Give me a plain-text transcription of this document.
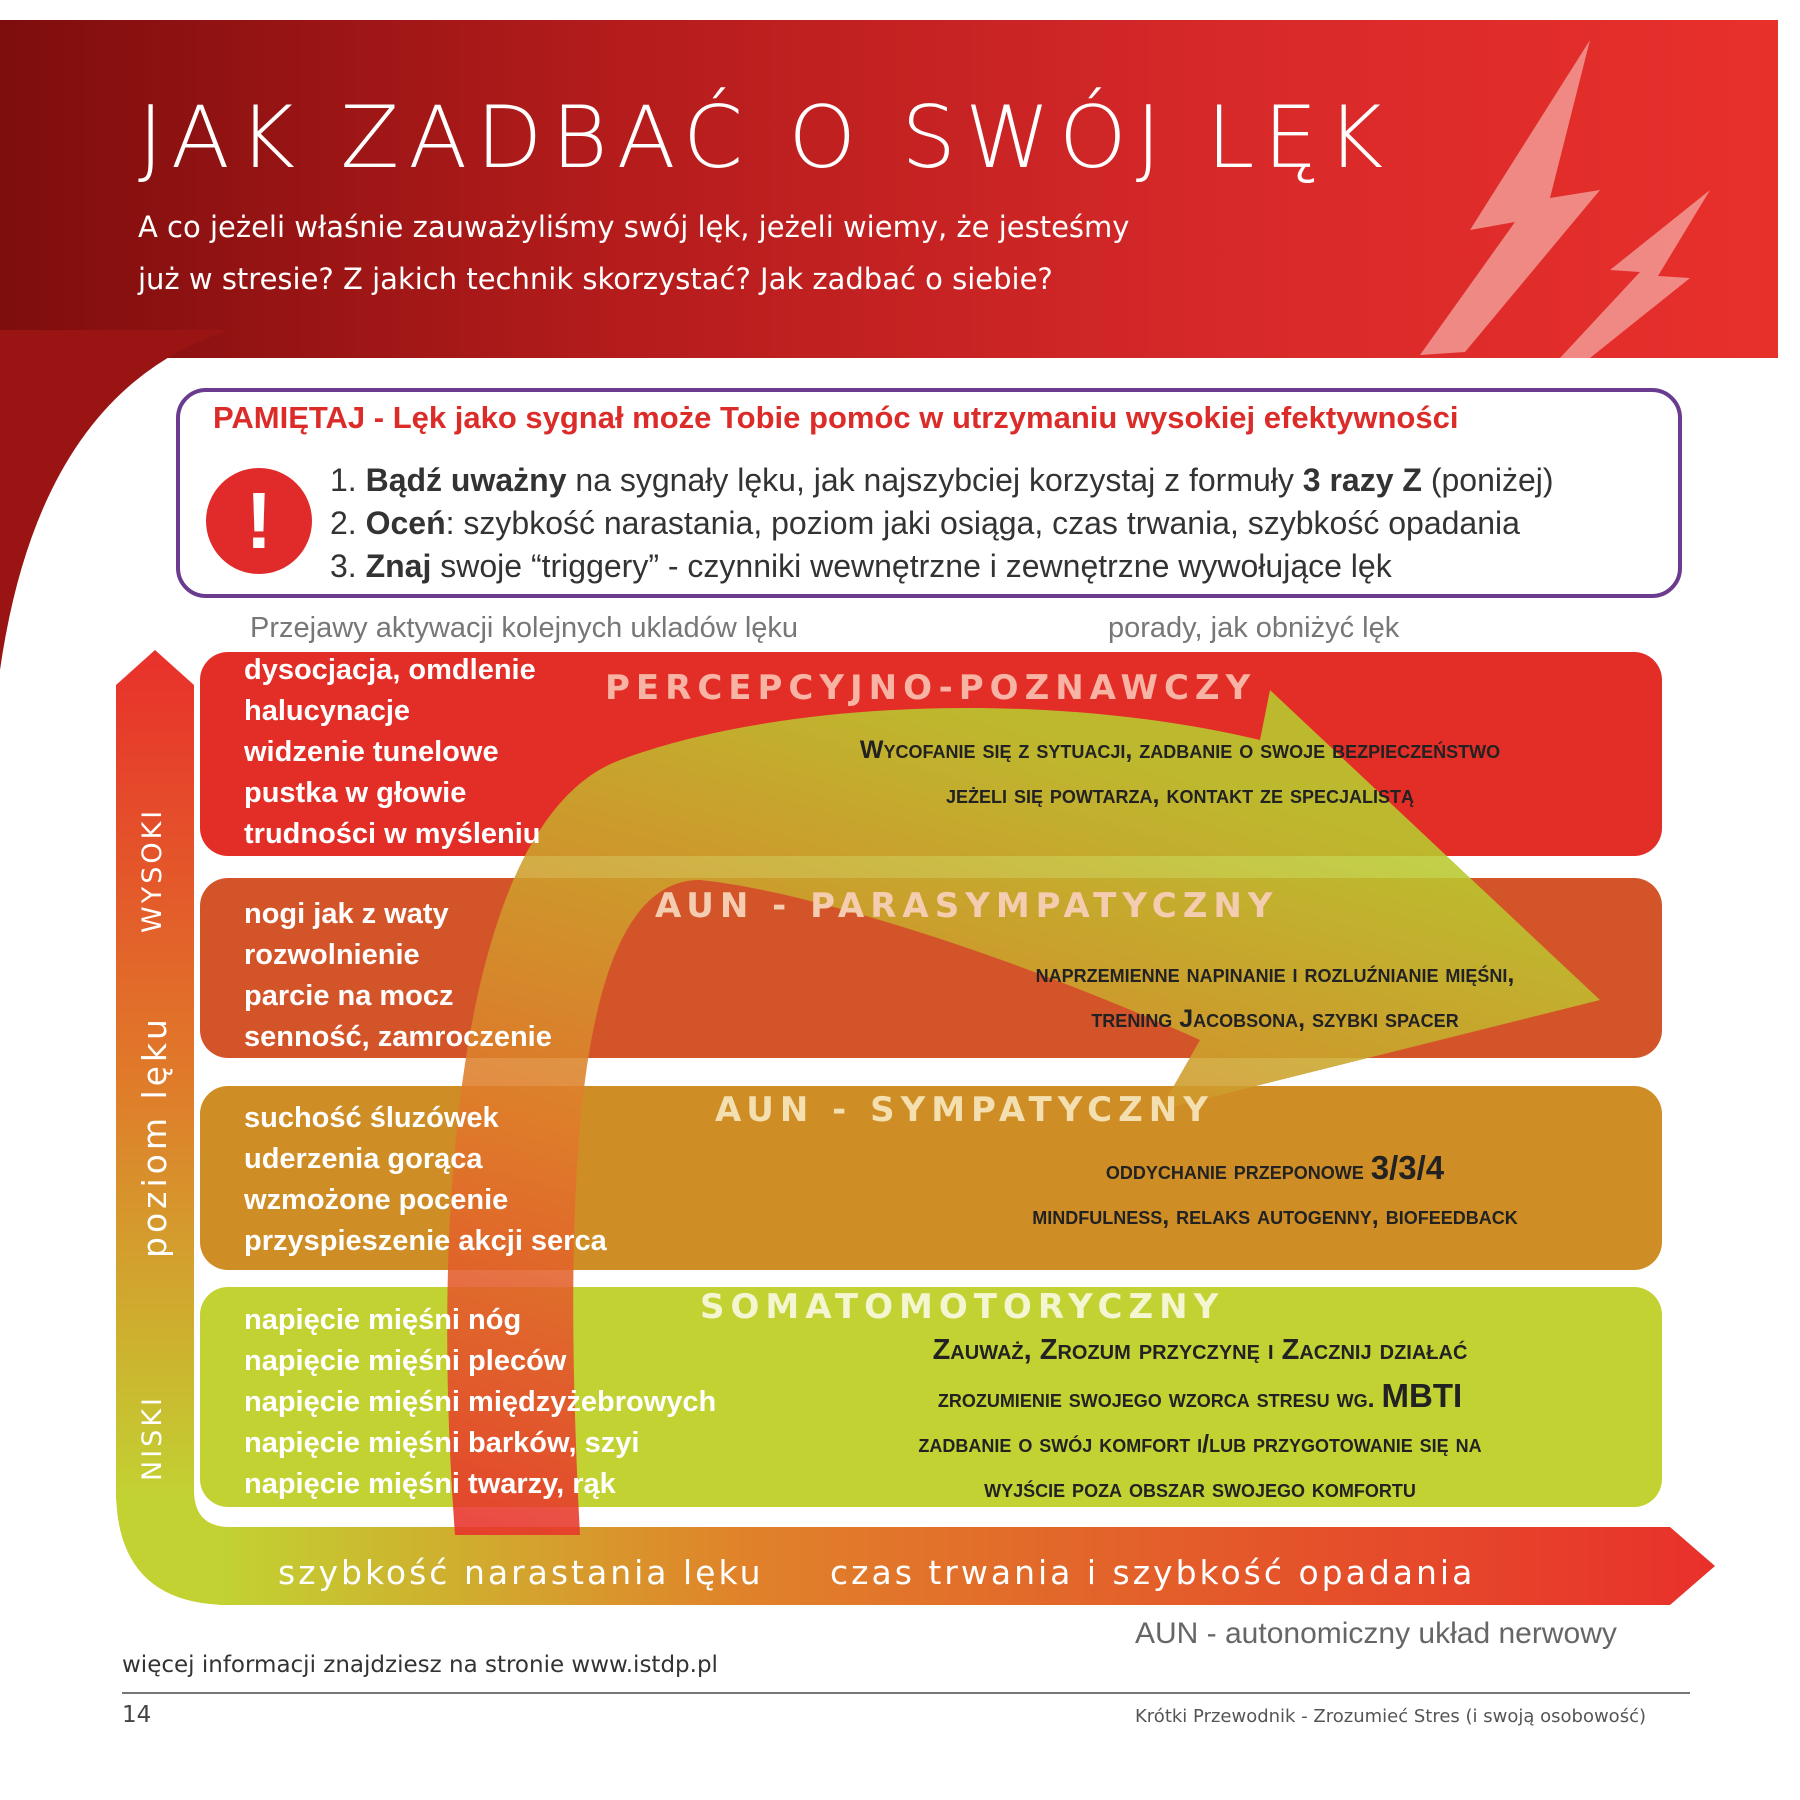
JAK ZADBAĆ O SWÓJ LĘK
A co jeżeli właśnie zauważyliśmy swój lęk, jeżeli wiemy, że jesteśmy
już w stresie? Z jakich technik skorzystać? Jak zadbać o siebie?
PAMIĘTAJ - Lęk jako sygnał może Tobie pomóc w utrzymaniu wysokiej efektywności
!	1. Bądź uważny na sygnały lęku, jak najszybciej korzystaj z formuły 3 razy Z (poniżej)
2. Oceń: szybkość narastania, poziom jaki osiąga, czas trwania, szybkość opadania
3. Znaj swoje “triggery” - czynniki wewnętrzne i zewnętrzne wywołujące lęk
Przejawy aktywacji kolejnych ukladów lęku	porady, jak obniżyć lęk
WYSOKI
poziom lęku
NISKI
PERCEPCYJNO-POZNAWCZY
AUN - PARASYMPATYCZNY
AUN - SYMPATYCZNY
SOMATOMOTORYCZNY
dysocjacja, omdlenie
halucynacje
widzenie tunelowe
pustka w głowie
trudności w myśleniu
nogi jak z waty
rozwolnienie
parcie na mocz
senność, zamroczenie
suchość śluzówek
uderzenia gorąca
wzmożone pocenie
przyspieszenie akcji serca
napięcie mięśni nóg
napięcie mięśni pleców
napięcie mięśni międzyżebrowych
napięcie mięśni barków, szyi
napięcie mięśni twarzy, rąk
Wycofanie się z sytuacji, zadbanie o swoje bezpieczeństwo
jeżeli się powtarza, kontakt ze specjalistą
naprzemienne napinanie i rozluźnianie mięśni,
trening Jacobsona, szybki spacer
oddychanie przeponowe 3/3/4
mindfulness, relaks autogenny, biofeedback
Zauważ, Zrozum przyczynę i Zacznij działać
zrozumienie swojego wzorca stresu wg. MBTI
zadbanie o swój komfort i/lub przygotowanie się na
wyjście poza obszar swojego komfortu
szybkość narastania lęku czas trwania i szybkość opadania
AUN - autonomiczny układ nerwowy
więcej informacji znajdziesz na stronie www.istdp.pl
14	Krótki Przewodnik - Zrozumieć Stres (i swoją osobowość)
